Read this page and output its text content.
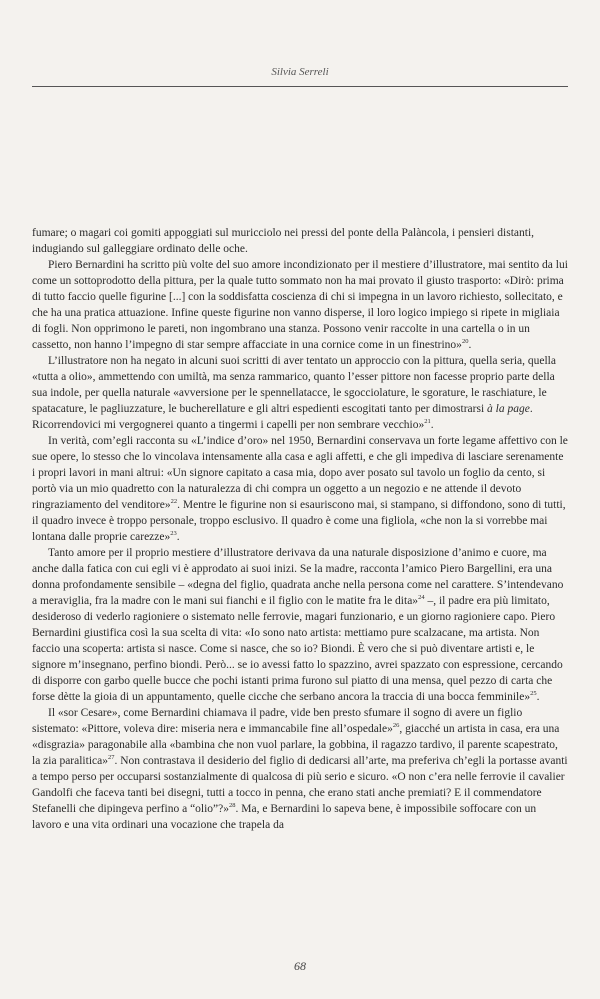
Silvia Serreli

fumare; o magari coi gomiti appoggiati sul muricciolo nei pressi del ponte della Palàncola, i pensieri distanti, indugiando sul galleggiare ordinato delle oche.

Piero Bernardini ha scritto più volte del suo amore incondizionato per il mestiere d’illustratore, mai sentito da lui come un sottoprodotto della pittura, per la quale tutto sommato non ha mai provato il giusto trasporto: «Dirò: prima di tutto faccio quelle figurine [...] con la soddisfatta coscienza di chi si impegna in un lavoro richiesto, sollecitato, e che ha una pratica attuazione. Infine queste figurine non vanno disperse, il loro logico impiego si ripete in migliaia di fogli. Non opprimono le pareti, non ingombrano una stanza. Possono venir raccolte in una cartella o in un cassetto, non hanno l’impegno di star sempre affacciate in una cornice come in un finestrino»$^{20}$.

L’illustratore non ha negato in alcuni suoi scritti di aver tentato un approccio con la pittura, quella seria, quella «tutta a olio», ammettendo con umiltà, ma senza rammarico, quanto l’esser pittore non facesse proprio parte della sua indole, per quella naturale «avversione per le spennellatacce, le sgocciolature, le sgorature, le raschiature, le spatacature, le pagliuzzature, le bucherellature e gli altri espedienti escogitati tanto per dimostrarsi à la page. Ricorrendovici mi vergognerei quanto a tingermi i capelli per non sembrare vecchio»$^{21}$.

In verità, com’egli racconta su «L’indice d’oro» nel 1950, Bernardini conservava un forte legame affettivo con le sue opere, lo stesso che lo vincolava intensamente alla casa e agli affetti, e che gli impediva di lasciare serenamente i propri lavori in mani altrui: «Un signore capitato a casa mia, dopo aver posato sul tavolo un foglio da cento, si portò via un mio quadretto con la naturalezza di chi compra un oggetto a un negozio e ne attende il devoto ringraziamento del venditore»$^{22}$. Mentre le figurine non si esauriscono mai, si stampano, si diffondono, sono di tutti, il quadro invece è troppo personale, troppo esclusivo. Il quadro è come una figliola, «che non la si vorrebbe mai lontana dalle proprie carezze»$^{23}$.

Tanto amore per il proprio mestiere d’illustratore derivava da una naturale disposizione d’animo e cuore, ma anche dalla fatica con cui egli vi è approdato ai suoi inizi. Se la madre, racconta l’amico Piero Bargellini, era una donna profondamente sensibile – «degna del figlio, quadrata anche nella persona come nel carattere. S’intendevano a meraviglia, fra la madre con le mani sui fianchi e il figlio con le matite fra le dita»$^{24}$ –, il padre era più limitato, desideroso di vederlo ragioniere o sistemato nelle ferrovie, magari funzionario, e un giorno ragioniere capo. Piero Bernardini giustifica così la sua scelta di vita: «Io sono nato artista: mettiamo pure scalzacane, ma artista. Non faccio una scoperta: artista si nasce. Come si nasce, che so io? Biondi. È vero che si può diventare artisti e, le signore m’insegnano, perfino biondi. Però... se io avessi fatto lo spazzino, avrei spazzato con espressione, cercando di disporre con garbo quelle bucce che pochi istanti prima furono sul piatto di una mensa, quel pezzo di carta che forse dètte la gioia di un appuntamento, quelle cicche che serbano ancora la traccia di una bocca femminile»$^{25}$.

Il «sor Cesare», come Bernardini chiamava il padre, vide ben presto sfumare il sogno di avere un figlio sistemato: «Pittore, voleva dire: miseria nera e immancabile fine all’ospedale»$^{26}$, giacché un artista in casa, era una «disgrazia» paragonabile alla «bambina che non vuol parlare, la gobbina, il ragazzo tardivo, il parente scapestrato, la zia paralitica»$^{27}$. Non contrastava il desiderio del figlio di dedicarsi all’arte, ma preferiva ch’egli la portasse avanti a tempo perso per occuparsi sostanzialmente di qualcosa di più serio e sicuro. «O non c’era nelle ferrovie il cavalier Gandolfi che faceva tanti bei disegni, tutti a tocco in penna, che erano stati anche premiati? E il commendatore Stefanelli che dipingeva perfino a “olio”?»$^{28}$. Ma, e Bernardini lo sapeva bene, è impossibile soffocare con un lavoro e una vita ordinari una vocazione che trapela da

68
